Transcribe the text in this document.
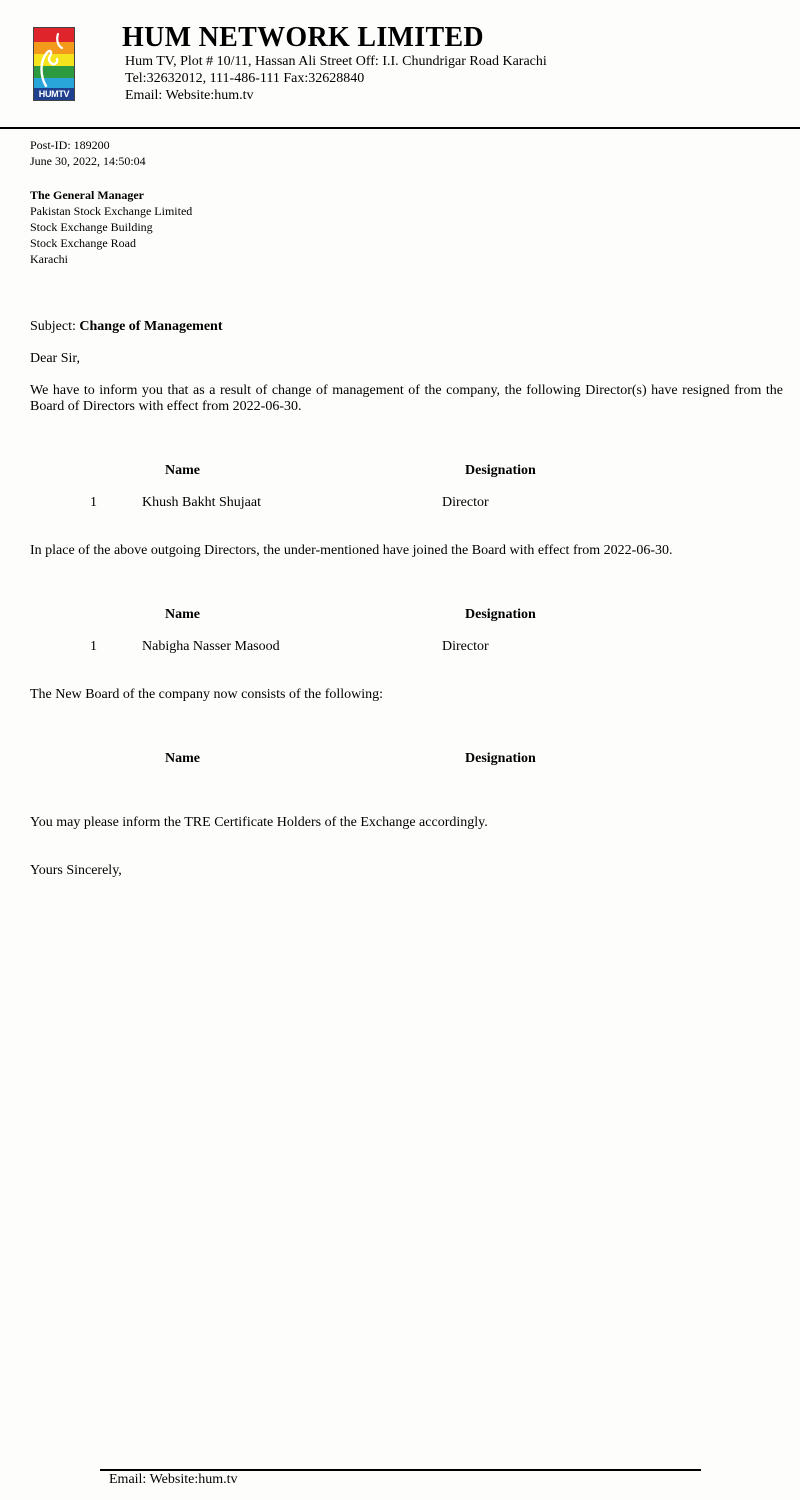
HUMTV
HUM NETWORK LIMITED
Hum TV, Plot # 10/11, Hassan Ali Street Off: I.I. Chundrigar Road Karachi
Tel:32632012, 111-486-111 Fax:32628840
Email: Website:hum.tv
Post-ID: 189200
June 30, 2022, 14:50:04
The General Manager
Pakistan Stock Exchange Limited
Stock Exchange Building
Stock Exchange Road
Karachi
Subject: Change of Management
Dear Sir,
We have to inform you that as a result of change of management of the company, the following Director(s) have resigned from the Board of Directors with effect from 2022-06-30.
Name	Designation
1	Khush Bakht Shujaat	Director
In place of the above outgoing Directors, the under-mentioned have joined the Board with effect from 2022-06-30.
Name	Designation
1	Nabigha Nasser Masood	Director
The New Board of the company now consists of the following:
Name	Designation
You may please inform the TRE Certificate Holders of the Exchange accordingly.
Yours Sincerely,
Email: Website:hum.tv
